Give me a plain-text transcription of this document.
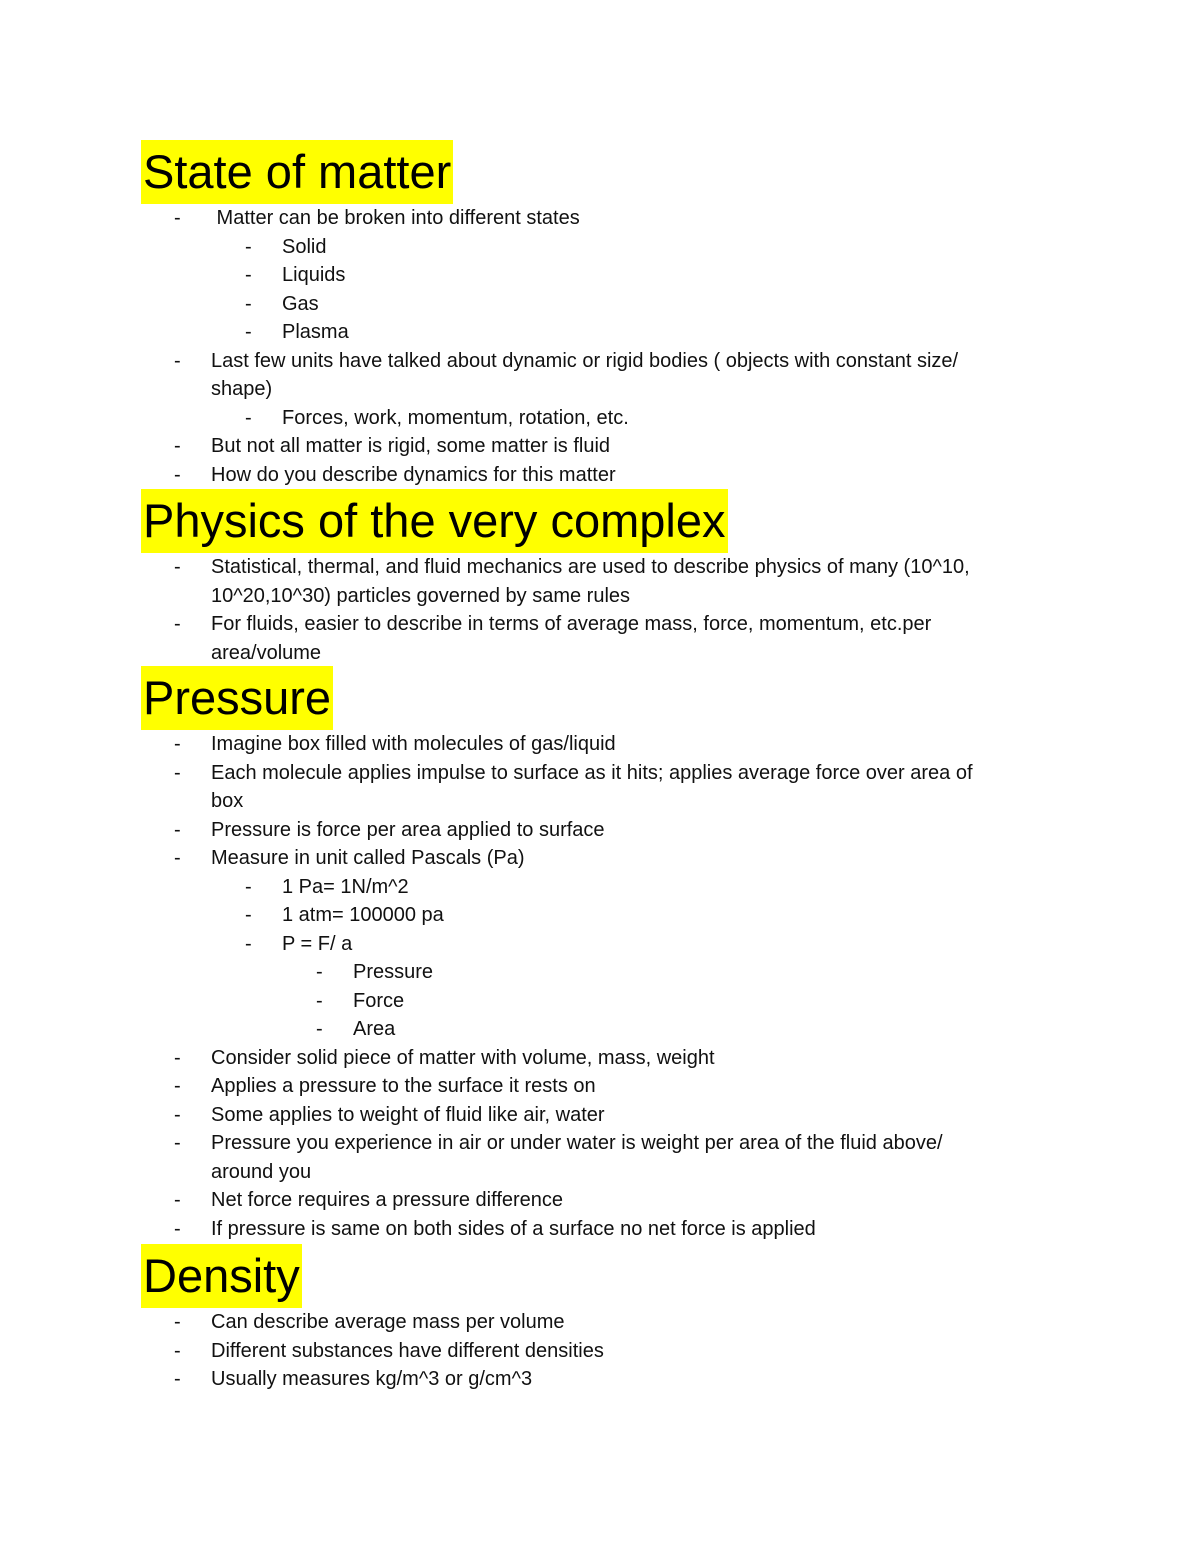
State of matter
- Matter can be broken into different states
- Solid
- Liquids
- Gas
- Plasma
- Last few units have talked about dynamic or rigid bodies ( objects with constant size/
shape)
- Forces, work, momentum, rotation, etc.
- But not all matter is rigid, some matter is fluid
- How do you describe dynamics for this matter
Physics of the very complex
- Statistical, thermal, and fluid mechanics are used to describe physics of many (10^10,
10^20,10^30) particles governed by same rules
- For fluids, easier to describe in terms of average mass, force, momentum, etc.per
area/volume
Pressure
- Imagine box filled with molecules of gas/liquid
- Each molecule applies impulse to surface as it hits; applies average force over area of
box
- Pressure is force per area applied to surface
- Measure in unit called Pascals (Pa)
- 1 Pa= 1N/m^2
- 1 atm= 100000 pa
- P = F/ a
- Pressure
- Force
- Area
- Consider solid piece of matter with volume, mass, weight
- Applies a pressure to the surface it rests on
- Some applies to weight of fluid like air, water
- Pressure you experience in air or under water is weight per area of the fluid above/
around you
- Net force requires a pressure difference
- If pressure is same on both sides of a surface no net force is applied
Density
- Can describe average mass per volume
- Different substances have different densities
- Usually measures kg/m^3 or g/cm^3
